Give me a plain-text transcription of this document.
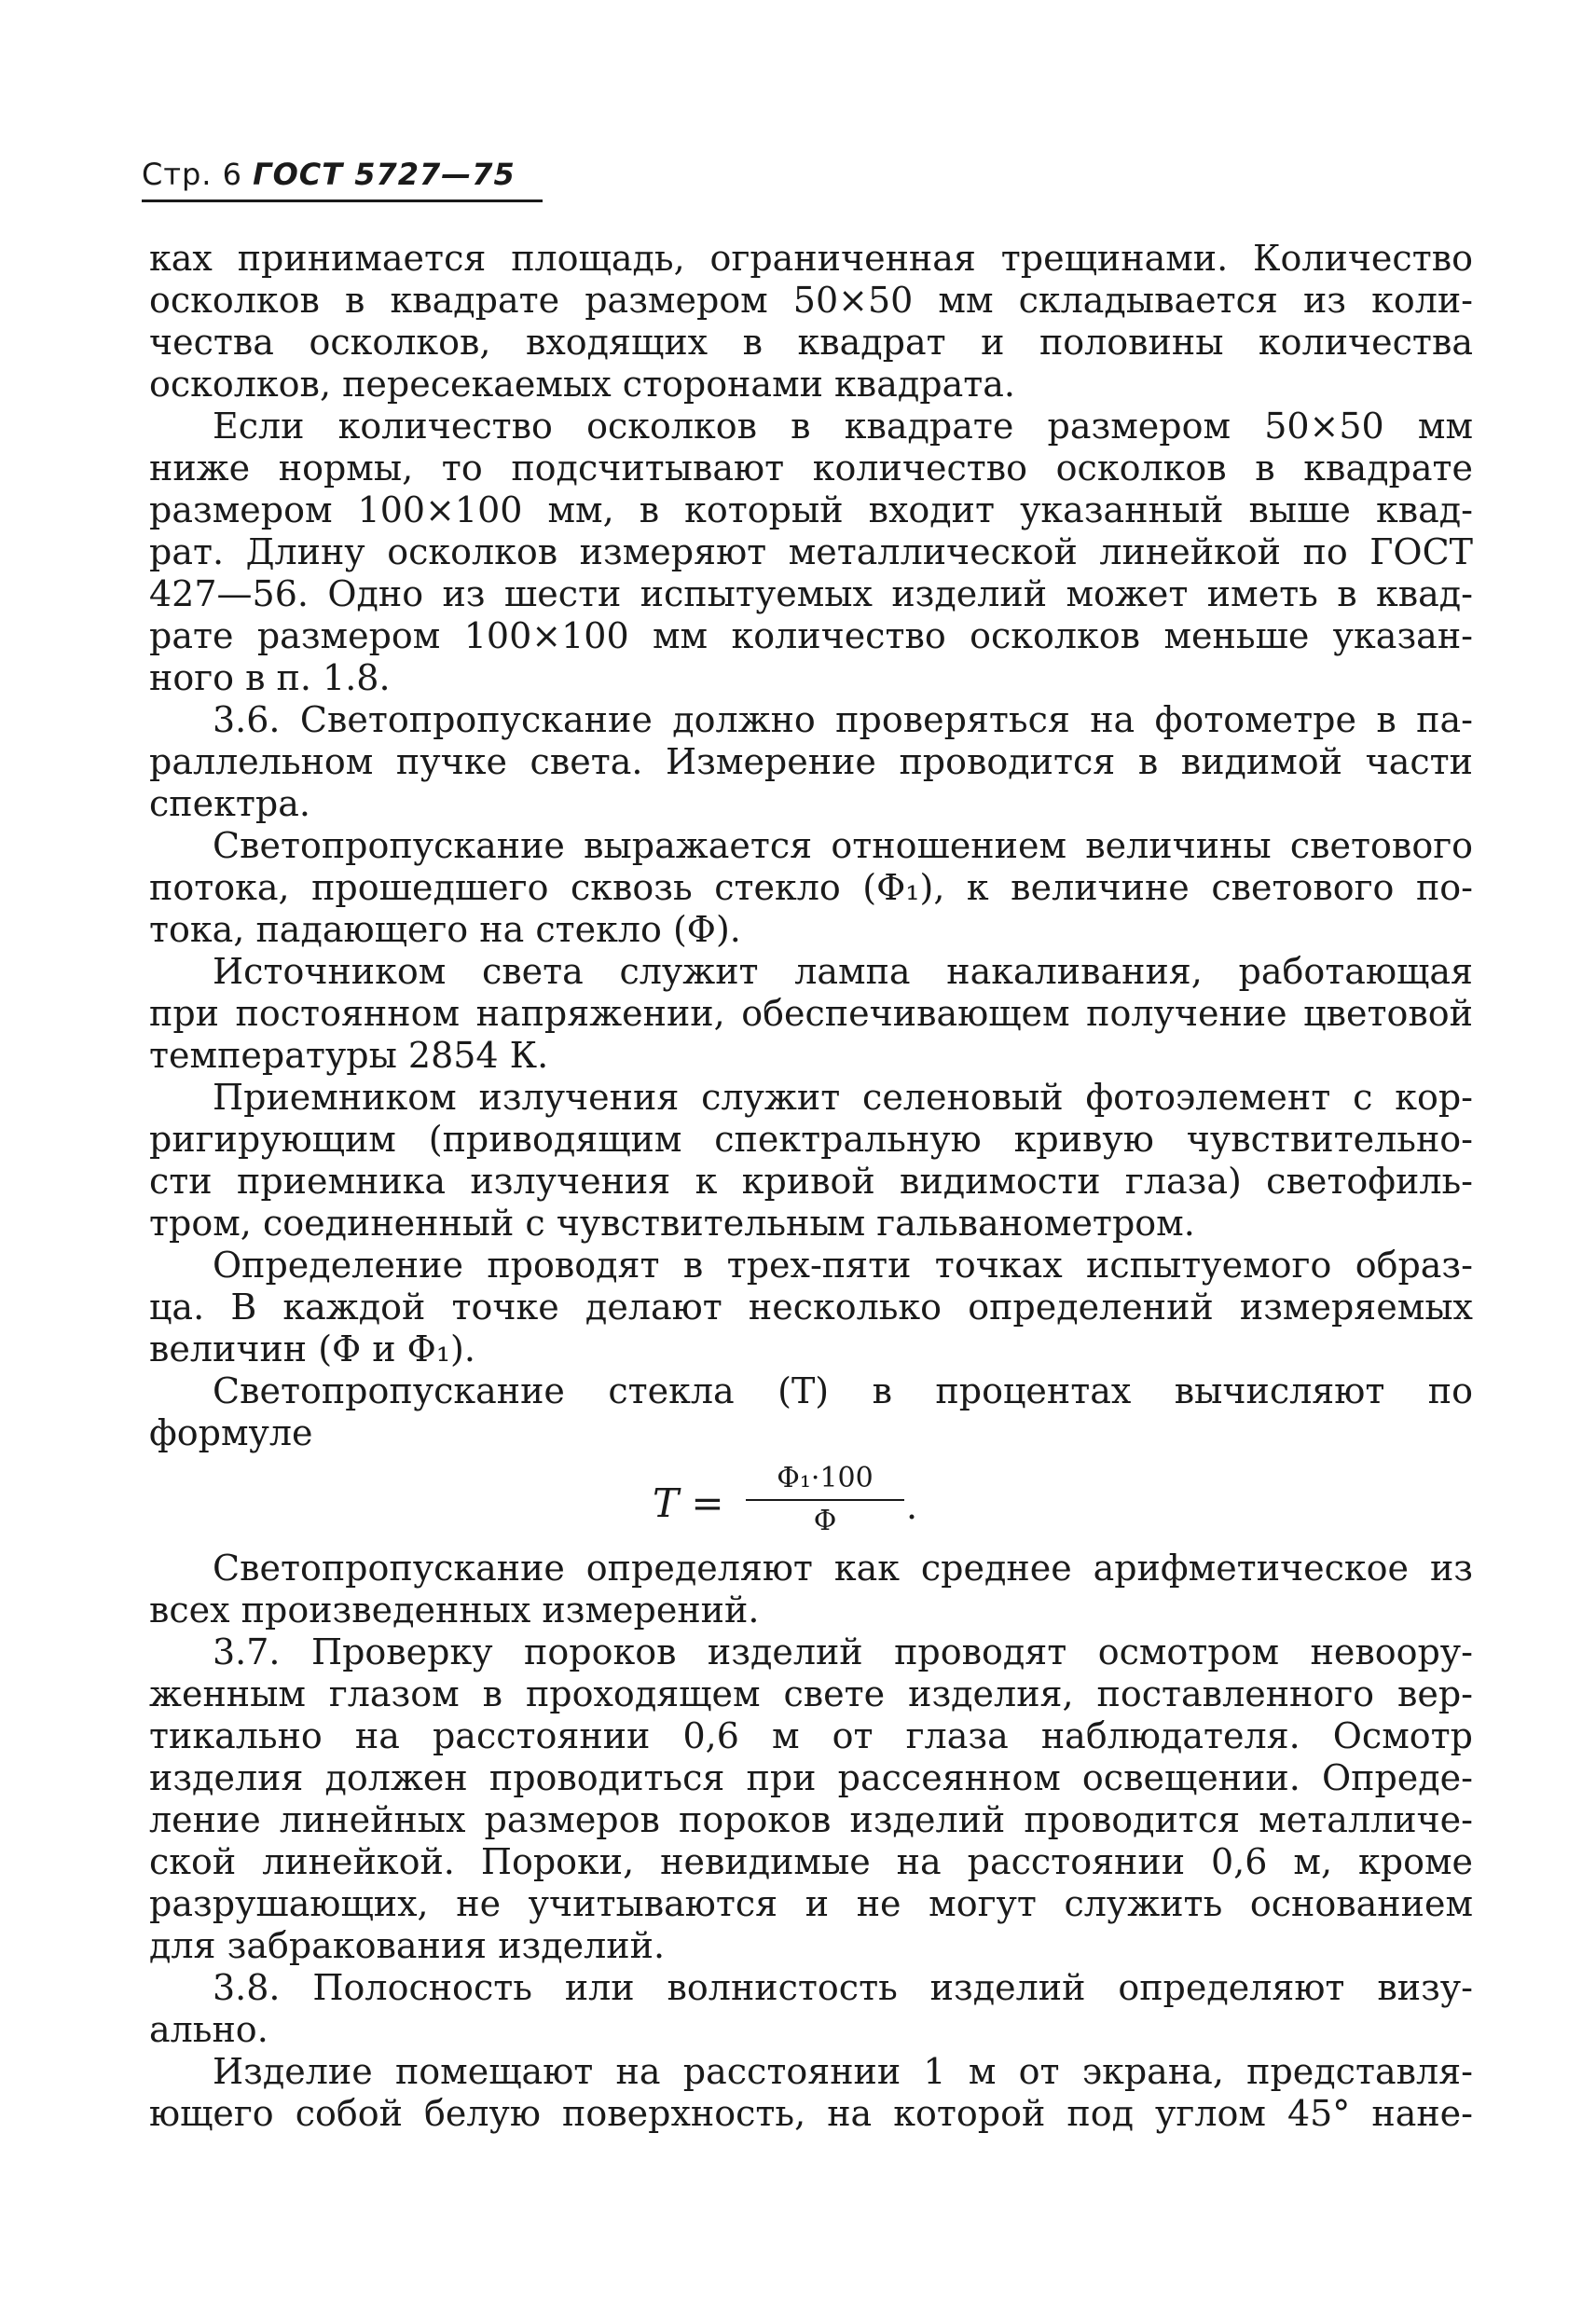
Стр. 6 ГОСТ 5727—75
ках принимается площадь, ограниченная трещинами. Количество
осколков в квадрате размером 50×50 мм складывается из коли-
чества осколков, входящих в квадрат и половины количества
осколков, пересекаемых сторонами квадрата.
Если количество осколков в квадрате размером 50×50 мм
ниже нормы, то подсчитывают количество осколков в квадрате
размером 100×100 мм, в который входит указанный выше квад-
рат. Длину осколков измеряют металлической линейкой по ГОСТ
427—56. Одно из шести испытуемых изделий может иметь в квад-
рате размером 100×100 мм количество осколков меньше указан-
ного в п. 1.8.
3.6. Светопропускание должно проверяться на фотометре в па-
раллельном пучке света. Измерение проводится в видимой части
спектра.
Светопропускание выражается отношением величины светового
потока, прошедшего сквозь стекло (Φ₁), к величине светового по-
тока, падающего на стекло (Φ).
Источником света служит лампа накаливания, работающая
при постоянном напряжении, обеспечивающем получение цветовой
температуры 2854 К.
Приемником излучения служит селеновый фотоэлемент с кор-
ригирующим (приводящим спектральную кривую чувствительно-
сти приемника излучения к кривой видимости глаза) светофиль-
тром, соединенный с чувствительным гальванометром.
Определение проводят в трех-пяти точках испытуемого образ-
ца. В каждой точке делают несколько определений измеряемых
величин (Φ и Φ₁).
Светопропускание стекла (T) в процентах вычисляют по
формуле
T =
Φ₁·100
Φ	.
Светопропускание определяют как среднее арифметическое из
всех произведенных измерений.
3.7. Проверку пороков изделий проводят осмотром невоору-
женным глазом в проходящем свете изделия, поставленного вер-
тикально на расстоянии 0,6 м от глаза наблюдателя. Осмотр
изделия должен проводиться при рассеянном освещении. Опреде-
ление линейных размеров пороков изделий проводится металличе-
ской линейкой. Пороки, невидимые на расстоянии 0,6 м, кроме
разрушающих, не учитываются и не могут служить основанием
для забракования изделий.
3.8. Полосность или волнистость изделий определяют визу-
ально.
Изделие помещают на расстоянии 1 м от экрана, представля-
ющего собой белую поверхность, на которой под углом 45° нане-
